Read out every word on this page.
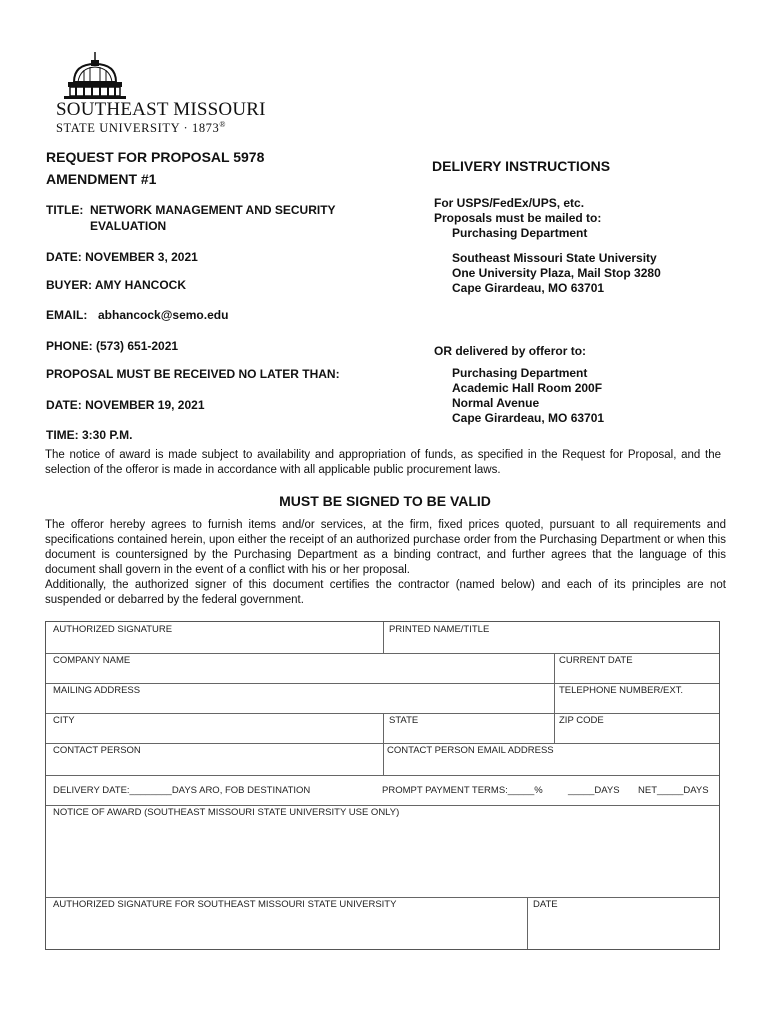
SOUTHEAST MISSOURI
STATE UNIVERSITY · 1873®
REQUEST FOR PROPOSAL 5978
AMENDMENT #1
TITLE: NETWORK MANAGEMENT AND SECURITY
EVALUATION
DATE: NOVEMBER 3, 2021
BUYER: AMY HANCOCK
EMAIL: abhancock@semo.edu
PHONE: (573) 651-2021
PROPOSAL MUST BE RECEIVED NO LATER THAN:
DATE: NOVEMBER 19, 2021
TIME: 3:30 P.M.
DELIVERY INSTRUCTIONS
For USPS/FedEx/UPS, etc.
Proposals must be mailed to:
Purchasing Department
Southeast Missouri State University
One University Plaza, Mail Stop 3280
Cape Girardeau, MO 63701
OR delivered by offeror to:
Purchasing Department
Academic Hall Room 200F
Normal Avenue
Cape Girardeau, MO 63701
The notice of award is made subject to availability and appropriation of funds, as specified in the Request for Proposal, and the selection of the offeror is made in accordance with all applicable public procurement laws.
MUST BE SIGNED TO BE VALID
The offeror hereby agrees to furnish items and/or services, at the firm, fixed prices quoted, pursuant to all requirements and specifications contained herein, upon either the receipt of an authorized purchase order from the Purchasing Department or when this document is countersigned by the Purchasing Department as a binding contract, and further agrees that the language of this document shall govern in the event of a conflict with his or her proposal.
Additionally, the authorized signer of this document certifies the contractor (named below) and each of its principles are not suspended or debarred by the federal government.
AUTHORIZED SIGNATURE	PRINTED NAME/TITLE
COMPANY NAME	CURRENT DATE
MAILING ADDRESS	TELEPHONE NUMBER/EXT.
CITY	STATE	ZIP CODE
CONTACT PERSON	CONTACT PERSON EMAIL ADDRESS
DELIVERY DATE:________DAYS ARO, FOB DESTINATION	PROMPT PAYMENT TERMS:_____%	_____DAYS NET_____DAYS
NOTICE OF AWARD (SOUTHEAST MISSOURI STATE UNIVERSITY USE ONLY)
AUTHORIZED SIGNATURE FOR SOUTHEAST MISSOURI STATE UNIVERSITY	DATE
